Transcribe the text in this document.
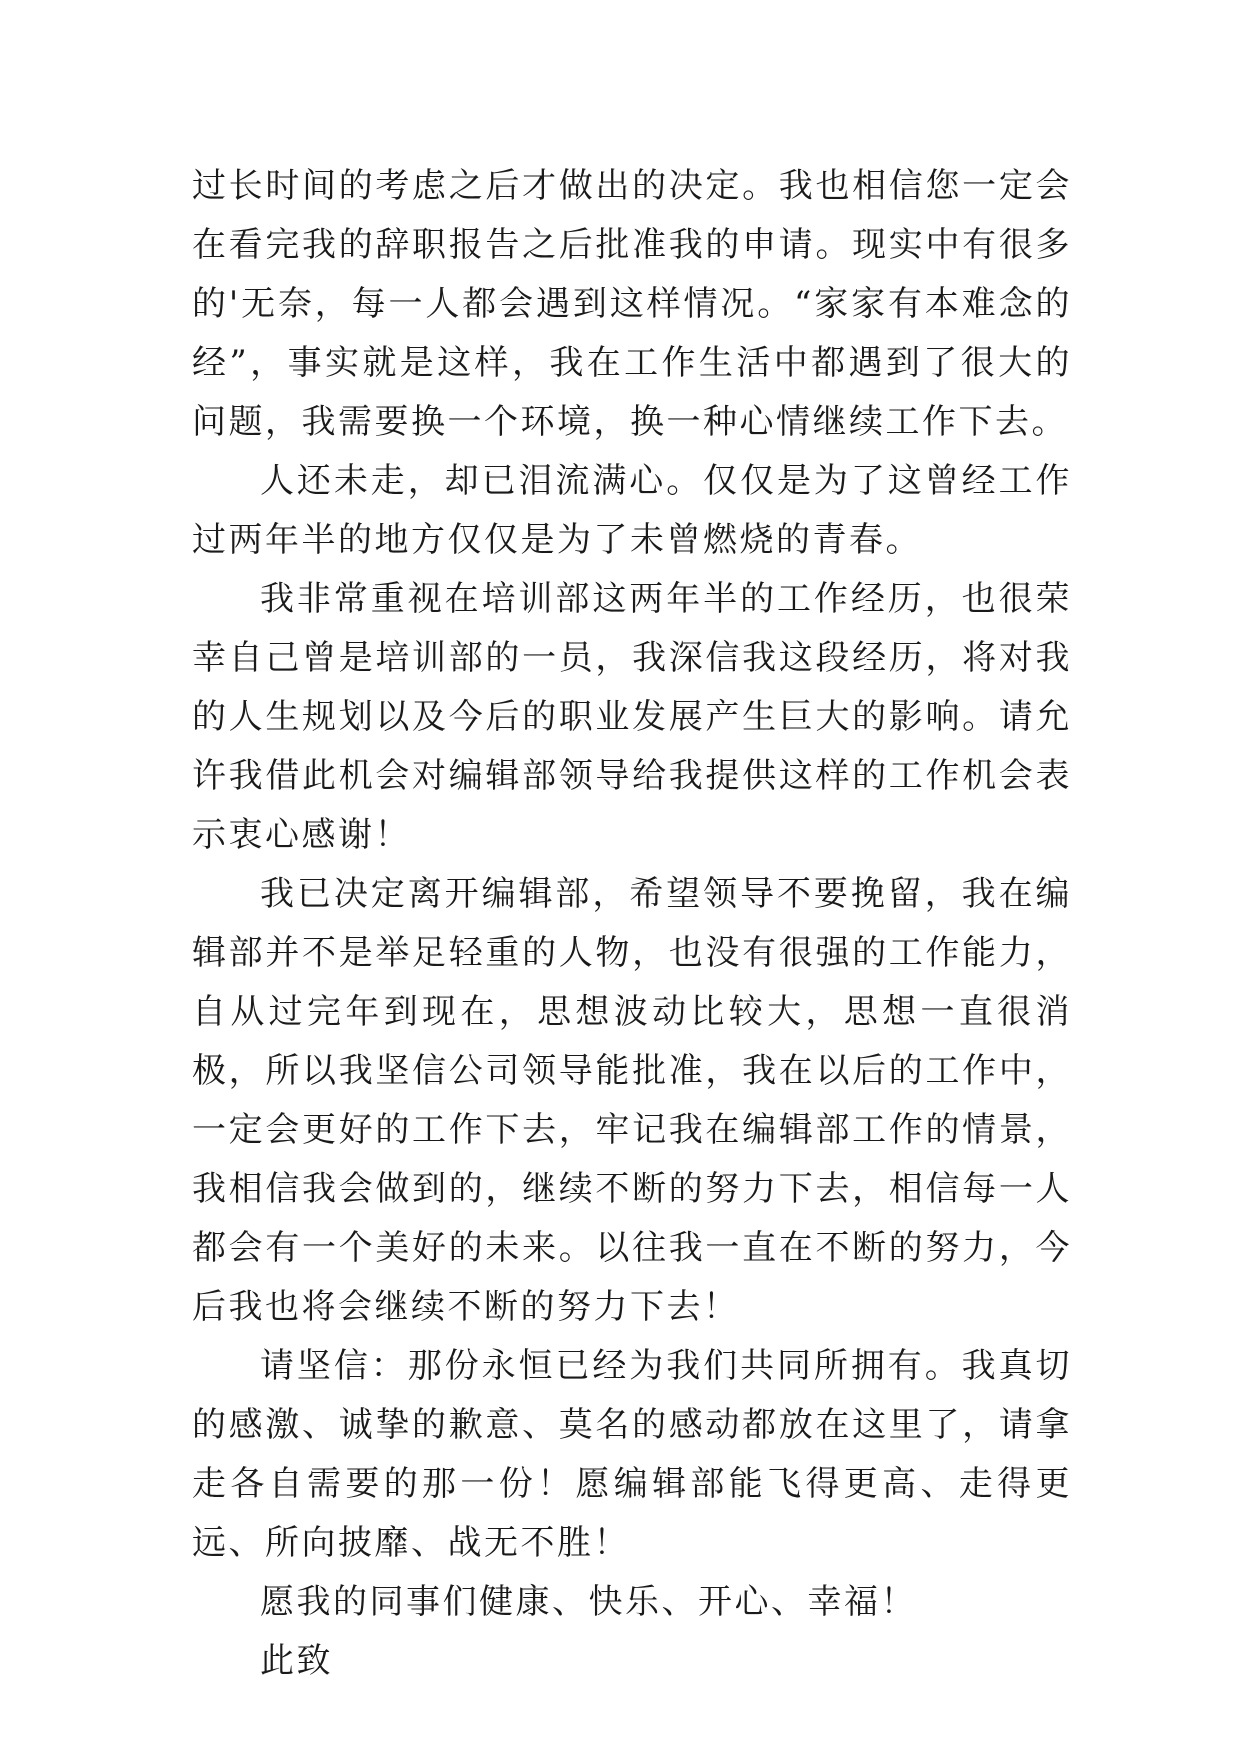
过长时间的考虑之后才做出的决定。我也相信您一定会在看完我的辞职报告之后批准我的申请。现实中有很多的'无奈，每一人都会遇到这样情况。“家家有本难念的经”，事实就是这样，我在工作生活中都遇到了很大的问题，我需要换一个环境，换一种心情继续工作下去。

人还未走，却已泪流满心。仅仅是为了这曾经工作过两年半的地方仅仅是为了未曾燃烧的青春。

我非常重视在培训部这两年半的工作经历，也很荣幸自己曾是培训部的一员，我深信我这段经历，将对我的人生规划以及今后的职业发展产生巨大的影响。请允许我借此机会对编辑部领导给我提供这样的工作机会表示衷心感谢！

我已决定离开编辑部，希望领导不要挽留，我在编辑部并不是举足轻重的人物，也没有很强的工作能力，自从过完年到现在，思想波动比较大，思想一直很消极，所以我坚信公司领导能批准，我在以后的工作中，一定会更好的工作下去，牢记我在编辑部工作的情景，我相信我会做到的，继续不断的努力下去，相信每一人都会有一个美好的未来。以往我一直在不断的努力，今后我也将会继续不断的努力下去！

请坚信：那份永恒已经为我们共同所拥有。我真切的感激、诚挚的歉意、莫名的感动都放在这里了，请拿走各自需要的那一份！愿编辑部能飞得更高、走得更远、所向披靡、战无不胜！

愿我的同事们健康、快乐、开心、幸福！

此致
